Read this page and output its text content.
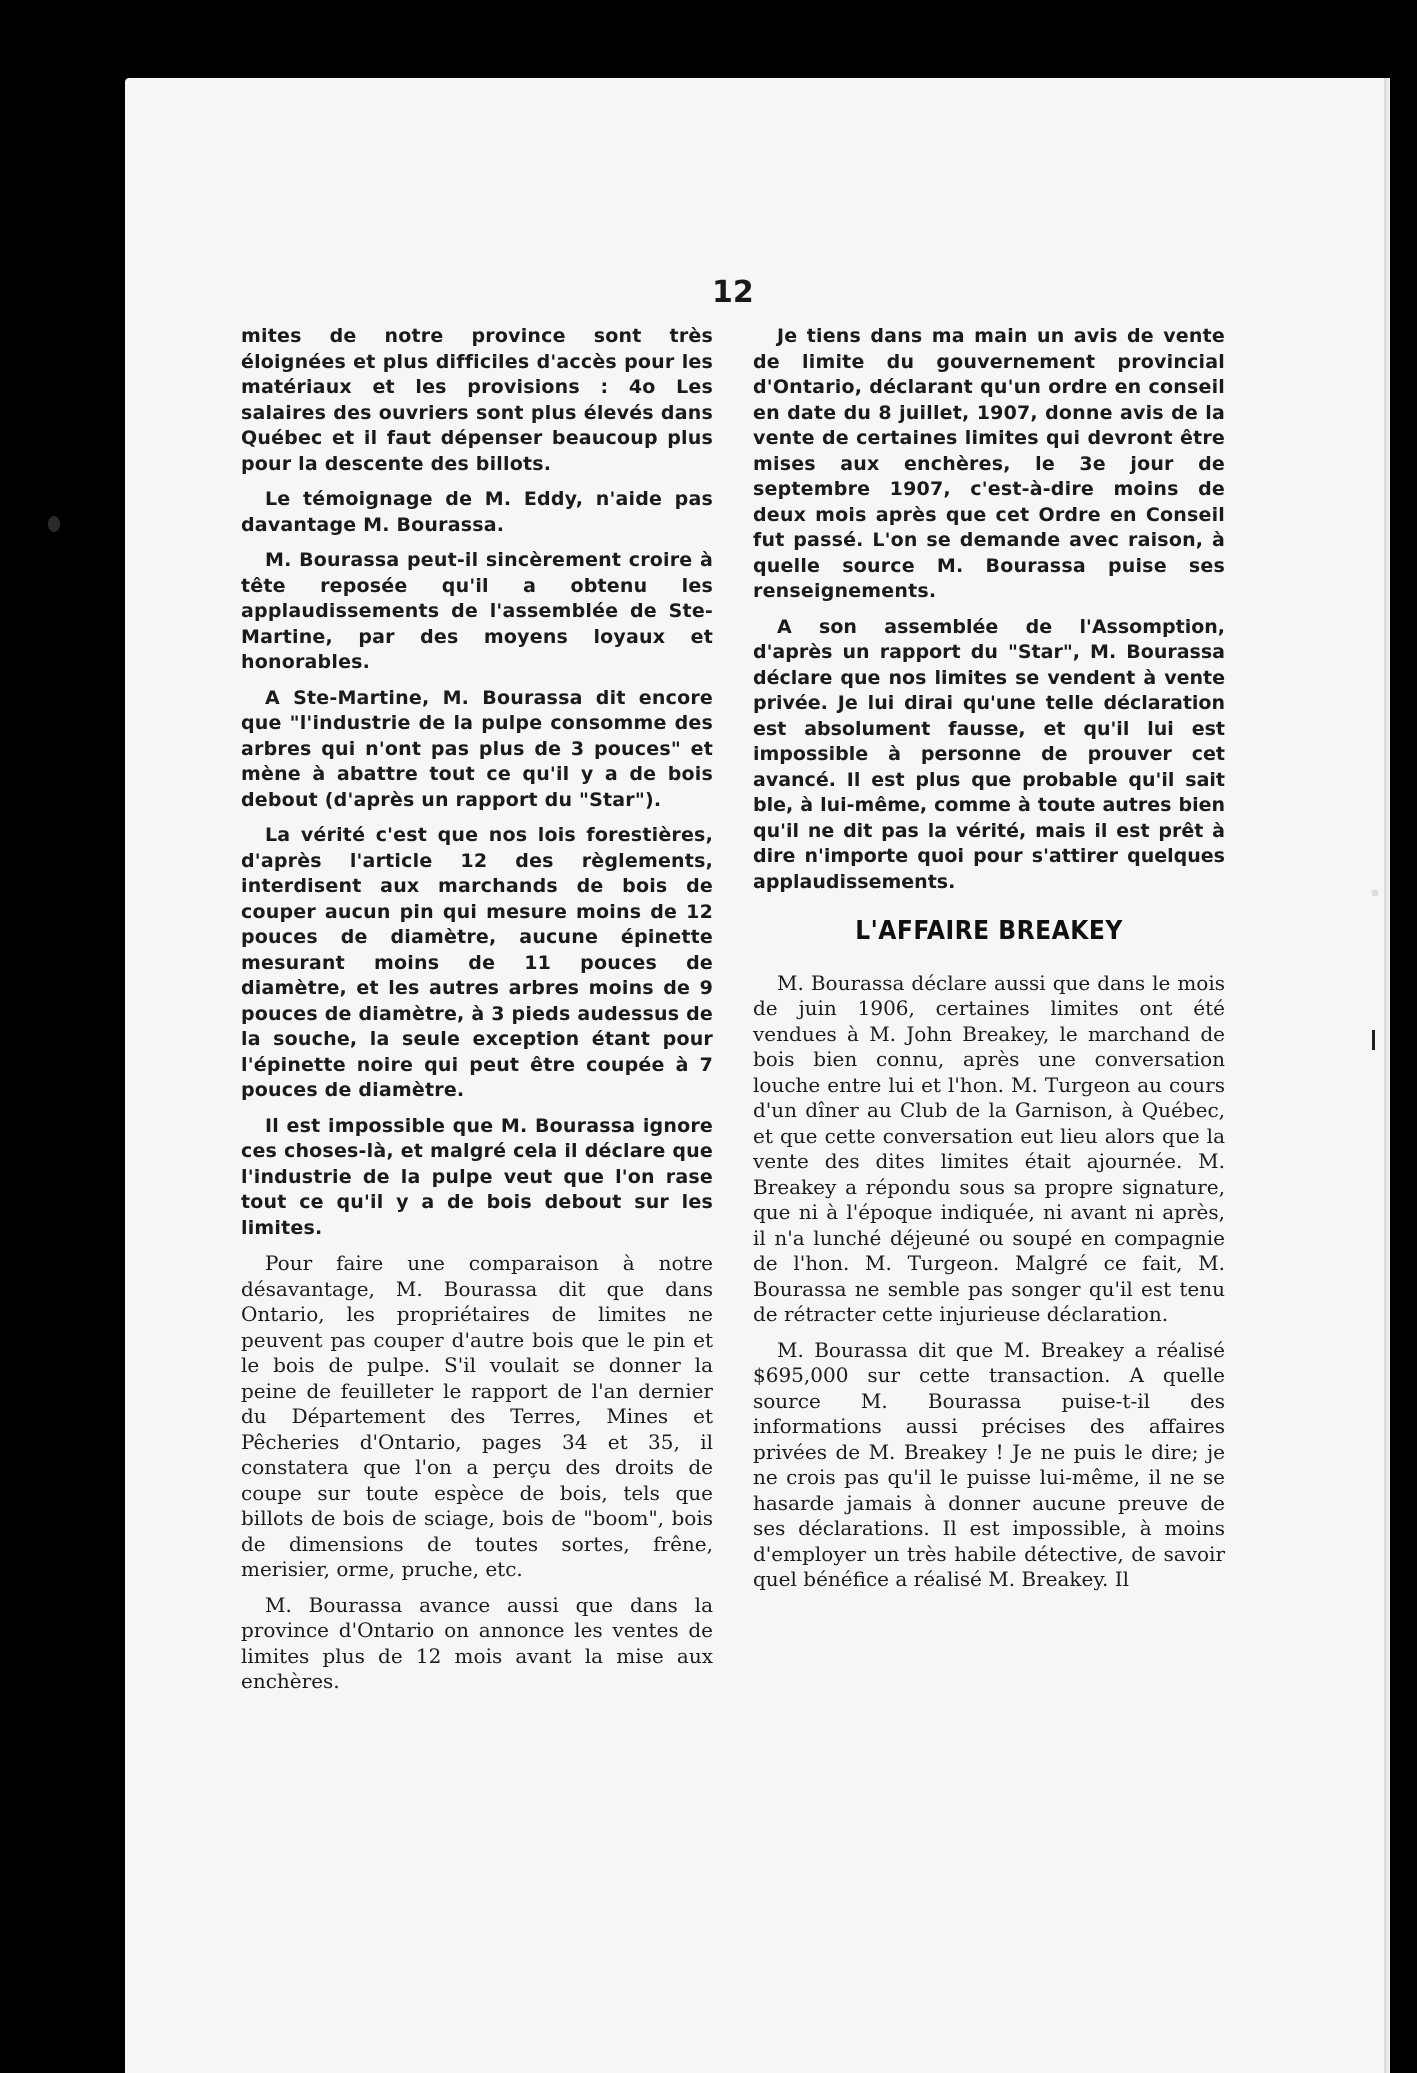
12

mites de notre province sont très éloignées et plus difficiles d'accès pour les matériaux et les provisions : 4o Les salaires des ouvriers sont plus élevés dans Québec et il faut dépenser beaucoup plus pour la descente des billots.

Le témoignage de M. Eddy, n'aide pas davantage M. Bourassa.

M. Bourassa peut-il sincèrement croire à tête reposée qu'il a obtenu les applaudissements de l'assemblée de Ste-Martine, par des moyens loyaux et honorables.

A Ste-Martine, M. Bourassa dit encore que "l'industrie de la pulpe consomme des arbres qui n'ont pas plus de 3 pouces" et mène à abattre tout ce qu'il y a de bois debout (d'après un rapport du "Star").

La vérité c'est que nos lois forestières, d'après l'article 12 des règlements, interdisent aux marchands de bois de couper aucun pin qui mesure moins de 12 pouces de diamètre, aucune épinette mesurant moins de 11 pouces de diamètre, et les autres arbres moins de 9 pouces de diamètre, à 3 pieds audessus de la souche, la seule exception étant pour l'épinette noire qui peut être coupée à 7 pouces de diamètre.

Il est impossible que M. Bourassa ignore ces choses-là, et malgré cela il déclare que l'industrie de la pulpe veut que l'on rase tout ce qu'il y a de bois debout sur les limites.

Pour faire une comparaison à notre désavantage, M. Bourassa dit que dans Ontario, les propriétaires de limites ne peuvent pas couper d'autre bois que le pin et le bois de pulpe. S'il voulait se donner la peine de feuilleter le rapport de l'an dernier du Département des Terres, Mines et Pêcheries d'Ontario, pages 34 et 35, il constatera que l'on a perçu des droits de coupe sur toute espèce de bois, tels que billots de bois de sciage, bois de "boom", bois de dimensions de toutes sortes, frêne, merisier, orme, pruche, etc.

M. Bourassa avance aussi que dans la province d'Ontario on annonce les ventes de limites plus de 12 mois avant la mise aux enchères.

Je tiens dans ma main un avis de vente de limite du gouvernement provincial d'Ontario, déclarant qu'un ordre en conseil en date du 8 juillet, 1907, donne avis de la vente de certaines limites qui devront être mises aux enchères, le 3e jour de septembre 1907, c'est-à-dire moins de deux mois après que cet Ordre en Conseil fut passé. L'on se demande avec raison, à quelle source M. Bourassa puise ses renseignements.

A son assemblée de l'Assomption, d'après un rapport du "Star", M. Bourassa déclare que nos limites se vendent à vente privée. Je lui dirai qu'une telle déclaration est absolument fausse, et qu'il lui est impossible à personne de prouver cet avancé. Il est plus que probable qu'il sait ble, à lui-même, comme à toute autres bien qu'il ne dit pas la vérité, mais il est prêt à dire n'importe quoi pour s'attirer quelques applaudissements.

L'AFFAIRE BREAKEY

M. Bourassa déclare aussi que dans le mois de juin 1906, certaines limites ont été vendues à M. John Breakey, le marchand de bois bien connu, après une conversation louche entre lui et l'hon. M. Turgeon au cours d'un dîner au Club de la Garnison, à Québec, et que cette conversation eut lieu alors que la vente des dites limites était ajournée. M. Breakey a répondu sous sa propre signature, que ni à l'époque indiquée, ni avant ni après, il n'a lunché déjeuné ou soupé en compagnie de l'hon. M. Turgeon. Malgré ce fait, M. Bourassa ne semble pas songer qu'il est tenu de rétracter cette injurieuse déclaration.

M. Bourassa dit que M. Breakey a réalisé $695,000 sur cette transaction. A quelle source M. Bourassa puise-t-il des informations aussi précises des affaires privées de M. Breakey ! Je ne puis le dire; je ne crois pas qu'il le puisse lui-même, il ne se hasarde jamais à donner aucune preuve de ses déclarations. Il est impossible, à moins d'employer un très habile détective, de savoir quel bénéfice a réalisé M. Breakey. Il
